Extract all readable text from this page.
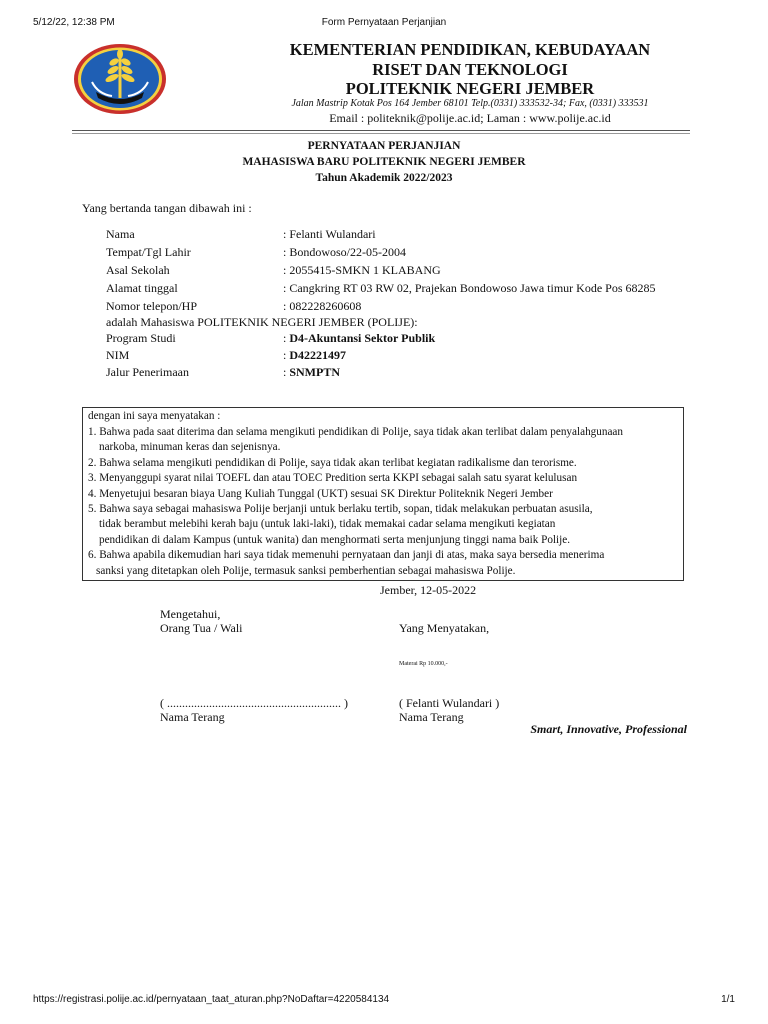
5/12/22, 12:38 PM	Form Pernyataan Perjanjian
https://registrasi.polije.ac.id/pernyataan_taat_aturan.php?NoDaftar=4220584134	1/1
KEMENTERIAN PENDIDIKAN, KEBUDAYAAN
RISET DAN TEKNOLOGI
POLITEKNIK NEGERI JEMBER
Jalan Mastrip Kotak Pos 164 Jember 68101 Telp.(0331) 333532-34; Fax, (0331) 333531
Email : politeknik@polije.ac.id; Laman : www.polije.ac.id
PERNYATAAN PERJANJIAN
MAHASISWA BARU POLITEKNIK NEGERI JEMBER
Tahun Akademik 2022/2023
Yang bertanda tangan dibawah ini :
Nama	: Felanti Wulandari
Tempat/Tgl Lahir	: Bondowoso/22-05-2004
Asal Sekolah	: 2055415-SMKN 1 KLABANG
Alamat tinggal	: Cangkring RT 03 RW 02, Prajekan Bondowoso Jawa timur Kode Pos 68285
Nomor telepon/HP	: 082228260608
adalah Mahasiswa POLITEKNIK NEGERI JEMBER (POLIJE):
Program Studi	: D4-Akuntansi Sektor Publik
NIM	: D42221497
Jalur Penerimaan	: SNMPTN
dengan ini saya menyatakan :
1. Bahwa pada saat diterima dan selama mengikuti pendidikan di Polije, saya tidak akan terlibat dalam penyalahgunaan
narkoba, minuman keras dan sejenisnya.
2. Bahwa selama mengikuti pendidikan di Polije, saya tidak akan terlibat kegiatan radikalisme dan terorisme.
3. Menyanggupi syarat nilai TOEFL dan atau TOEC Predition serta KKPI sebagai salah satu syarat kelulusan
4. Menyetujui besaran biaya Uang Kuliah Tunggal (UKT) sesuai SK Direktur Politeknik Negeri Jember
5. Bahwa saya sebagai mahasiswa Polije berjanji untuk berlaku tertib, sopan, tidak melakukan perbuatan asusila,
tidak berambut melebihi kerah baju (untuk laki-laki), tidak memakai cadar selama mengikuti kegiatan
pendidikan di dalam Kampus (untuk wanita) dan menghormati serta menjunjung tinggi nama baik Polije.
6. Bahwa apabila dikemudian hari saya tidak memenuhi pernyataan dan janji di atas, maka saya bersedia menerima
sanksi yang ditetapkan oleh Polije, termasuk sanksi pemberhentian sebagai mahasiswa Polije.
Jember, 12-05-2022
Mengetahui,
Orang Tua / Wali	Yang Menyatakan,
Materai Rp 10.000,-
( .......................................................... )	( Felanti Wulandari )
Nama Terang	Nama Terang
Smart, Innovative, Professional
